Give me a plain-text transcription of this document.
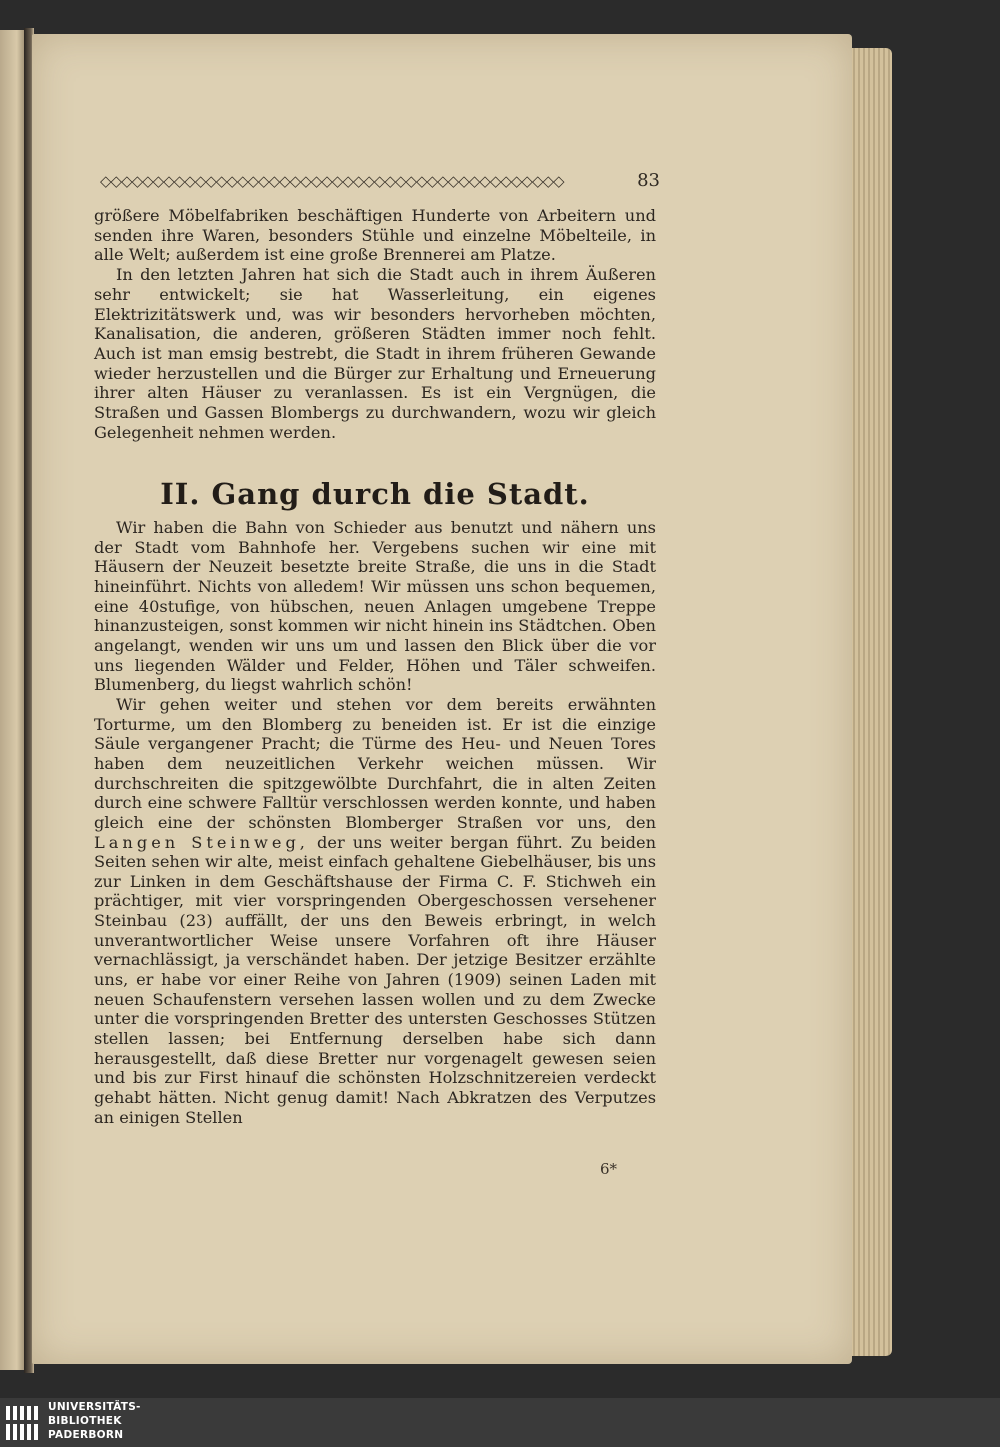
◇◇◇◇◇◇◇◇◇◇◇◇◇◇◇◇◇◇◇◇◇◇◇◇◇◇◇◇◇◇◇◇◇◇◇◇◇◇◇◇◇◇◇◇	83

größere Möbelfabriken beschäftigen Hunderte von Arbeitern und senden ihre Waren, besonders Stühle und einzelne Möbelteile, in alle Welt; außerdem ist eine große Brennerei am Platze.

In den letzten Jahren hat sich die Stadt auch in ihrem Äußeren sehr entwickelt; sie hat Wasserleitung, ein eigenes Elektrizitätswerk und, was wir besonders hervorheben möchten, Kanalisation, die anderen, größeren Städten immer noch fehlt. Auch ist man emsig bestrebt, die Stadt in ihrem früheren Gewande wieder herzustellen und die Bürger zur Erhaltung und Erneuerung ihrer alten Häuser zu veranlassen. Es ist ein Vergnügen, die Straßen und Gassen Blombergs zu durchwandern, wozu wir gleich Gelegenheit nehmen werden.

II. Gang durch die Stadt.

Wir haben die Bahn von Schieder aus benutzt und nähern uns der Stadt vom Bahnhofe her. Vergebens suchen wir eine mit Häusern der Neuzeit besetzte breite Straße, die uns in die Stadt hineinführt. Nichts von alledem! Wir müssen uns schon bequemen, eine 40stufige, von hübschen, neuen Anlagen umgebene Treppe hinanzusteigen, sonst kommen wir nicht hinein ins Städtchen. Oben angelangt, wenden wir uns um und lassen den Blick über die vor uns liegenden Wälder und Felder, Höhen und Täler schweifen. Blumenberg, du liegst wahrlich schön!

Wir gehen weiter und stehen vor dem bereits erwähnten Torturme, um den Blomberg zu beneiden ist. Er ist die einzige Säule vergangener Pracht; die Türme des Heu- und Neuen Tores haben dem neuzeitlichen Verkehr weichen müssen. Wir durchschreiten die spitzgewölbte Durchfahrt, die in alten Zeiten durch eine schwere Falltür verschlossen werden konnte, und haben gleich eine der schönsten Blomberger Straßen vor uns, den Langen Steinweg, der uns weiter bergan führt. Zu beiden Seiten sehen wir alte, meist einfach gehaltene Giebelhäuser, bis uns zur Linken in dem Geschäftshause der Firma C. F. Stichweh ein prächtiger, mit vier vorspringenden Obergeschossen versehener Steinbau (23) auffällt, der uns den Beweis erbringt, in welch unverantwortlicher Weise unsere Vorfahren oft ihre Häuser vernachlässigt, ja verschändet haben. Der jetzige Besitzer erzählte uns, er habe vor einer Reihe von Jahren (1909) seinen Laden mit neuen Schaufenstern versehen lassen wollen und zu dem Zwecke unter die vorspringenden Bretter des untersten Geschosses Stützen stellen lassen; bei Entfernung derselben habe sich dann herausgestellt, daß diese Bretter nur vorgenagelt gewesen seien und bis zur First hinauf die schönsten Holzschnitzereien verdeckt gehabt hätten. Nicht genug damit! Nach Abkratzen des Verputzes an einigen Stellen

6*
UNIVERSITÄTS-
BIBLIOTHEK
PADERBORN
